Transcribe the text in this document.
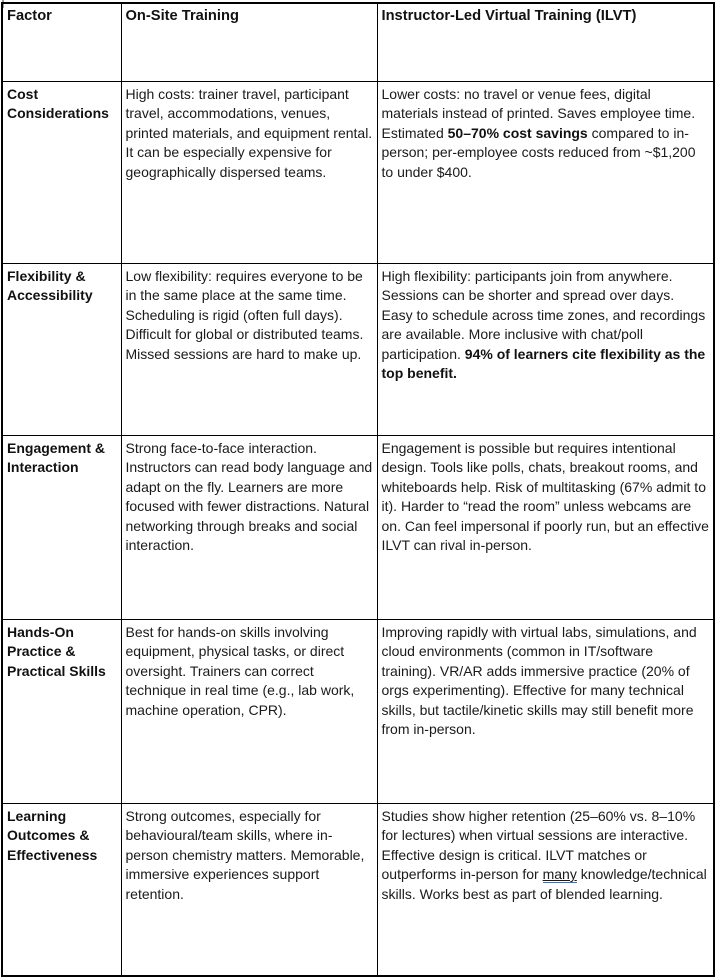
Factor	On-Site Training	Instructor-Led Virtual Training (ILVT)
Cost Considerations	High costs: trainer travel, participant travel, accommodations, venues, printed materials, and equipment rental. It can be especially expensive for geographically dispersed teams.	Lower costs: no travel or venue fees, digital materials instead of printed. Saves employee time. Estimated 50–70% cost savings compared to in-person; per-employee costs reduced from ~$1,200 to under $400.
Flexibility & Accessibility	Low flexibility: requires everyone to be in the same place at the same time. Scheduling is rigid (often full days). Difficult for global or distributed teams. Missed sessions are hard to make up.	High flexibility: participants join from anywhere. Sessions can be shorter and spread over days. Easy to schedule across time zones, and recordings are available. More inclusive with chat/poll participation. 94% of learners cite flexibility as the top benefit.
Engagement & Interaction	Strong face-to-face interaction. Instructors can read body language and adapt on the fly. Learners are more focused with fewer distractions. Natural networking through breaks and social interaction.	Engagement is possible but requires intentional design. Tools like polls, chats, breakout rooms, and whiteboards help. Risk of multitasking (67% admit to it). Harder to “read the room” unless webcams are on. Can feel impersonal if poorly run, but an effective ILVT can rival in-person.
Hands-On Practice & Practical Skills	Best for hands-on skills involving equipment, physical tasks, or direct oversight. Trainers can correct technique in real time (e.g., lab work, machine operation, CPR).	Improving rapidly with virtual labs, simulations, and cloud environments (common in IT/software training). VR/AR adds immersive practice (20% of orgs experimenting). Effective for many technical skills, but tactile/kinetic skills may still benefit more from in-person.
Learning Outcomes & Effectiveness	Strong outcomes, especially for behavioural/team skills, where in-person chemistry matters. Memorable, immersive experiences support retention.	Studies show higher retention (25–60% vs. 8–10% for lectures) when virtual sessions are interactive. Effective design is critical. ILVT matches or outperforms in-person for many knowledge/technical skills. Works best as part of blended learning.
